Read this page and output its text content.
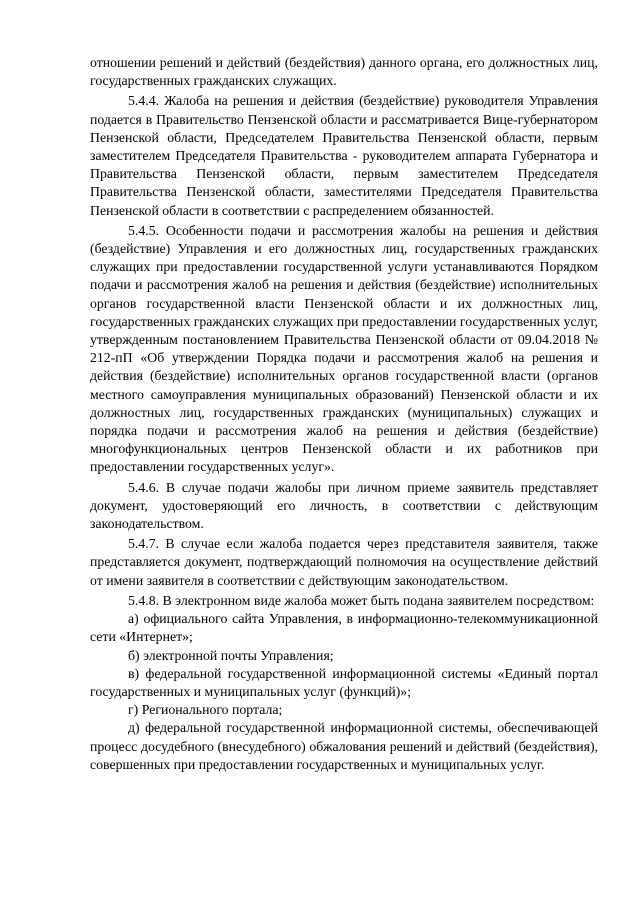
отношении решений и действий (бездействия) данного органа, его должностных лиц, государственных гражданских служащих.

5.4.4. Жалоба на решения и действия (бездействие) руководителя Управления подается в Правительство Пензенской области и рассматривается Вице-губернатором Пензенской области, Председателем Правительства Пензенской области, первым заместителем Председателя Правительства - руководителем аппарата Губернатора и Правительства Пензенской области, первым заместителем Председателя Правительства Пензенской области, заместителями Председателя Правительства Пензенской области в соответствии с распределением обязанностей.

5.4.5. Особенности подачи и рассмотрения жалобы на решения и действия (бездействие) Управления и его должностных лиц, государственных гражданских служащих при предоставлении государственной услуги устанавливаются Порядком подачи и рассмотрения жалоб на решения и действия (бездействие) исполнительных органов государственной власти Пензенской области и их должностных лиц, государственных гражданских служащих при предоставлении государственных услуг, утвержденным постановлением Правительства Пензенской области от 09.04.2018 № 212-пП «Об утверждении Порядка подачи и рассмотрения жалоб на решения и действия (бездействие) исполнительных органов государственной власти (органов местного самоуправления муниципальных образований) Пензенской области и их должностных лиц, государственных гражданских (муниципальных) служащих и порядка подачи и рассмотрения жалоб на решения и действия (бездействие) многофункциональных центров Пензенской области и их работников при предоставлении государственных услуг».

5.4.6. В случае подачи жалобы при личном приеме заявитель представляет документ, удостоверяющий его личность, в соответствии с действующим законодательством.

5.4.7. В случае если жалоба подается через представителя заявителя, также представляется документ, подтверждающий полномочия на осуществление действий от имени заявителя в соответствии с действующим законодательством.

5.4.8. В электронном виде жалоба может быть подана заявителем посредством:

а) официального сайта Управления, в информационно-телекоммуникационной сети «Интернет»;

б) электронной почты Управления;

в) федеральной государственной информационной системы «Единый портал государственных и муниципальных услуг (функций)»;

г) Регионального портала;

д) федеральной государственной информационной системы, обеспечивающей процесс досудебного (внесудебного) обжалования решений и действий (бездействия), совершенных при предоставлении государственных и муниципальных услуг.
